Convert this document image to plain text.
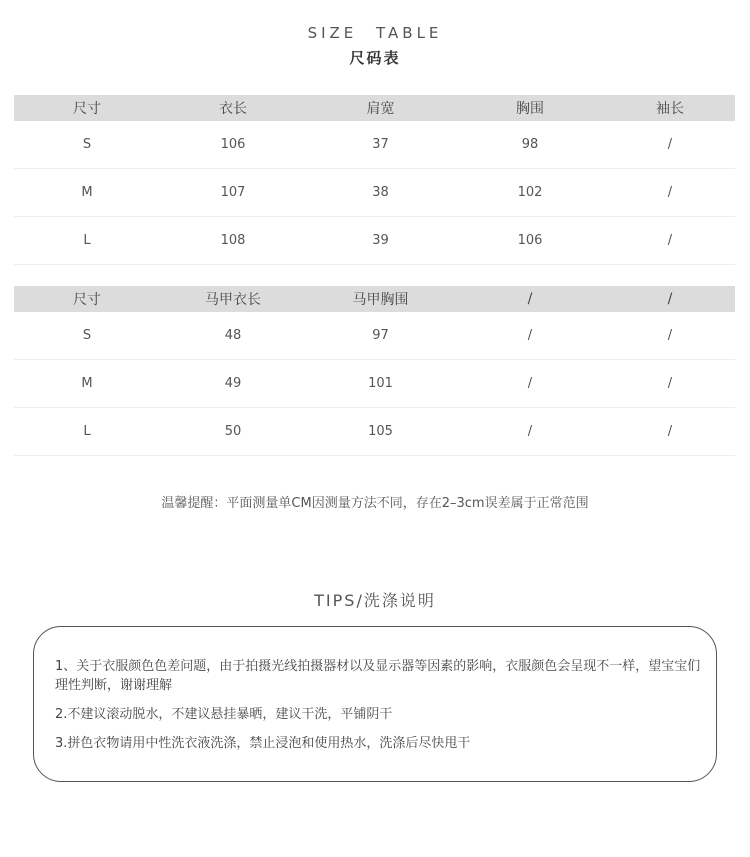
SIZE TABLE
尺码表
尺寸	衣长	肩宽	胸围	袖长
S	106	37	98	/
M	107	38	102	/
L	108	39	106	/
尺寸	马甲衣长	马甲胸围	/	/
S	48	97	/	/
M	49	101	/	/
L	50	105	/	/
温馨提醒：平面测量单CM因测量方法不同，存在2–3cm误差属于正常范围
TIPS/洗涤说明

1、关于衣服颜色色差问题，由于拍摄光线拍摄器材以及显示器等因素的影响，衣服颜色会呈现不一样，望宝宝们理性判断，谢谢理解

2.不建议滚动脱水，不建议悬挂暴晒，建议干洗，平铺阴干

3.拼色衣物请用中性洗衣液洗涤，禁止浸泡和使用热水，洗涤后尽快甩干
